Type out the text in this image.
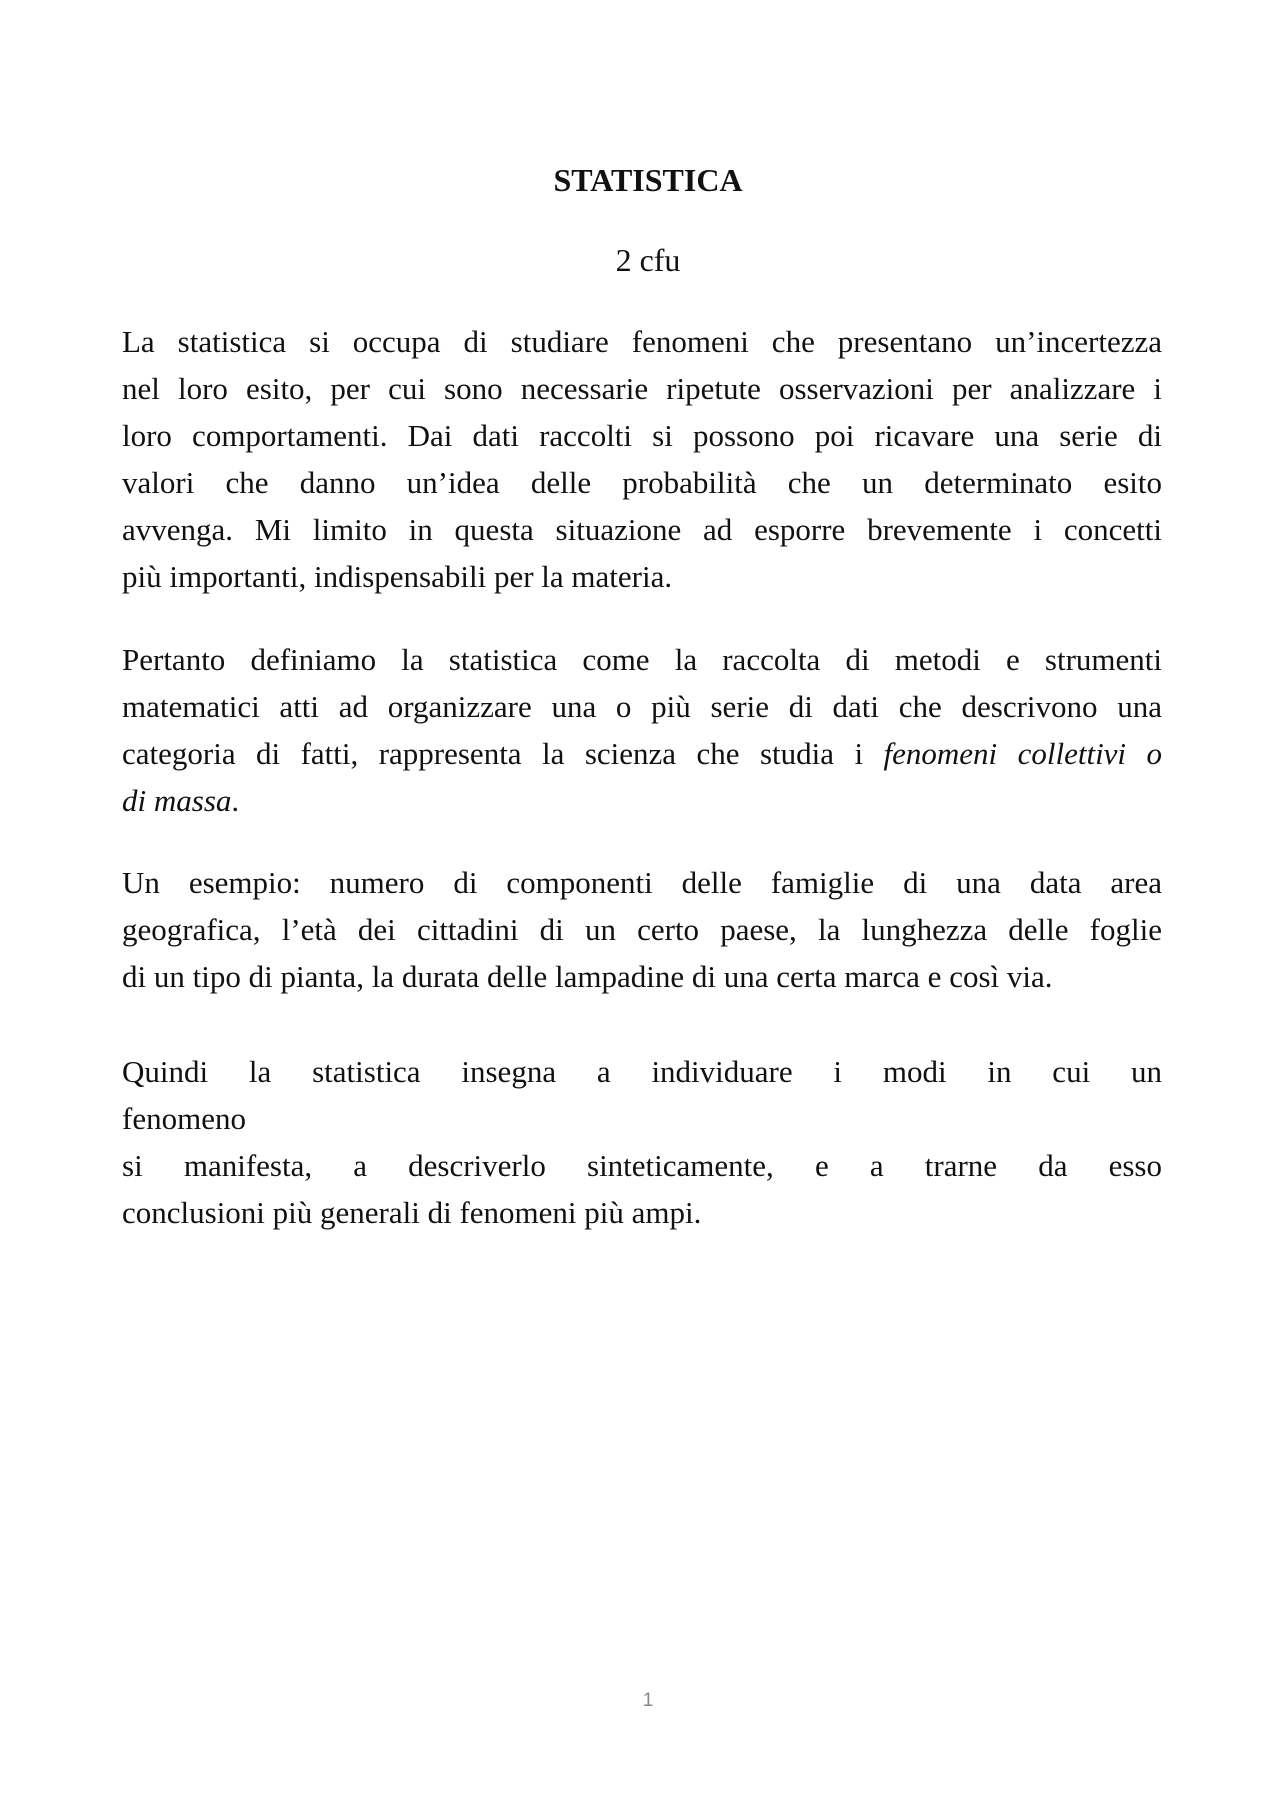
STATISTICA
2 cfu

La statistica si occupa di studiare fenomeni che presentano un’incertezza
nel loro esito, per cui sono necessarie ripetute osservazioni per analizzare i
loro comportamenti. Dai dati raccolti si possono poi ricavare una serie di
valori che danno un’idea delle probabilità che un determinato esito
avvenga. Mi limito in questa situazione ad esporre brevemente i concetti
più importanti, indispensabili per la materia.

Pertanto definiamo la statistica come la raccolta di metodi e strumenti
matematici atti ad organizzare una o più serie di dati che descrivono una
categoria di fatti, rappresenta la scienza che studia i fenomeni collettivi o
di massa.

Un esempio: numero di componenti delle famiglie di una data area
geografica, l’età dei cittadini di un certo paese, la lunghezza delle foglie
di un tipo di pianta, la durata delle lampadine di una certa marca e così via.

Quindi la statistica insegna a individuare i modi in cui un
fenomeno
si manifesta, a descriverlo sinteticamente, e a trarne da esso
conclusioni più generali di fenomeni più ampi.

1
